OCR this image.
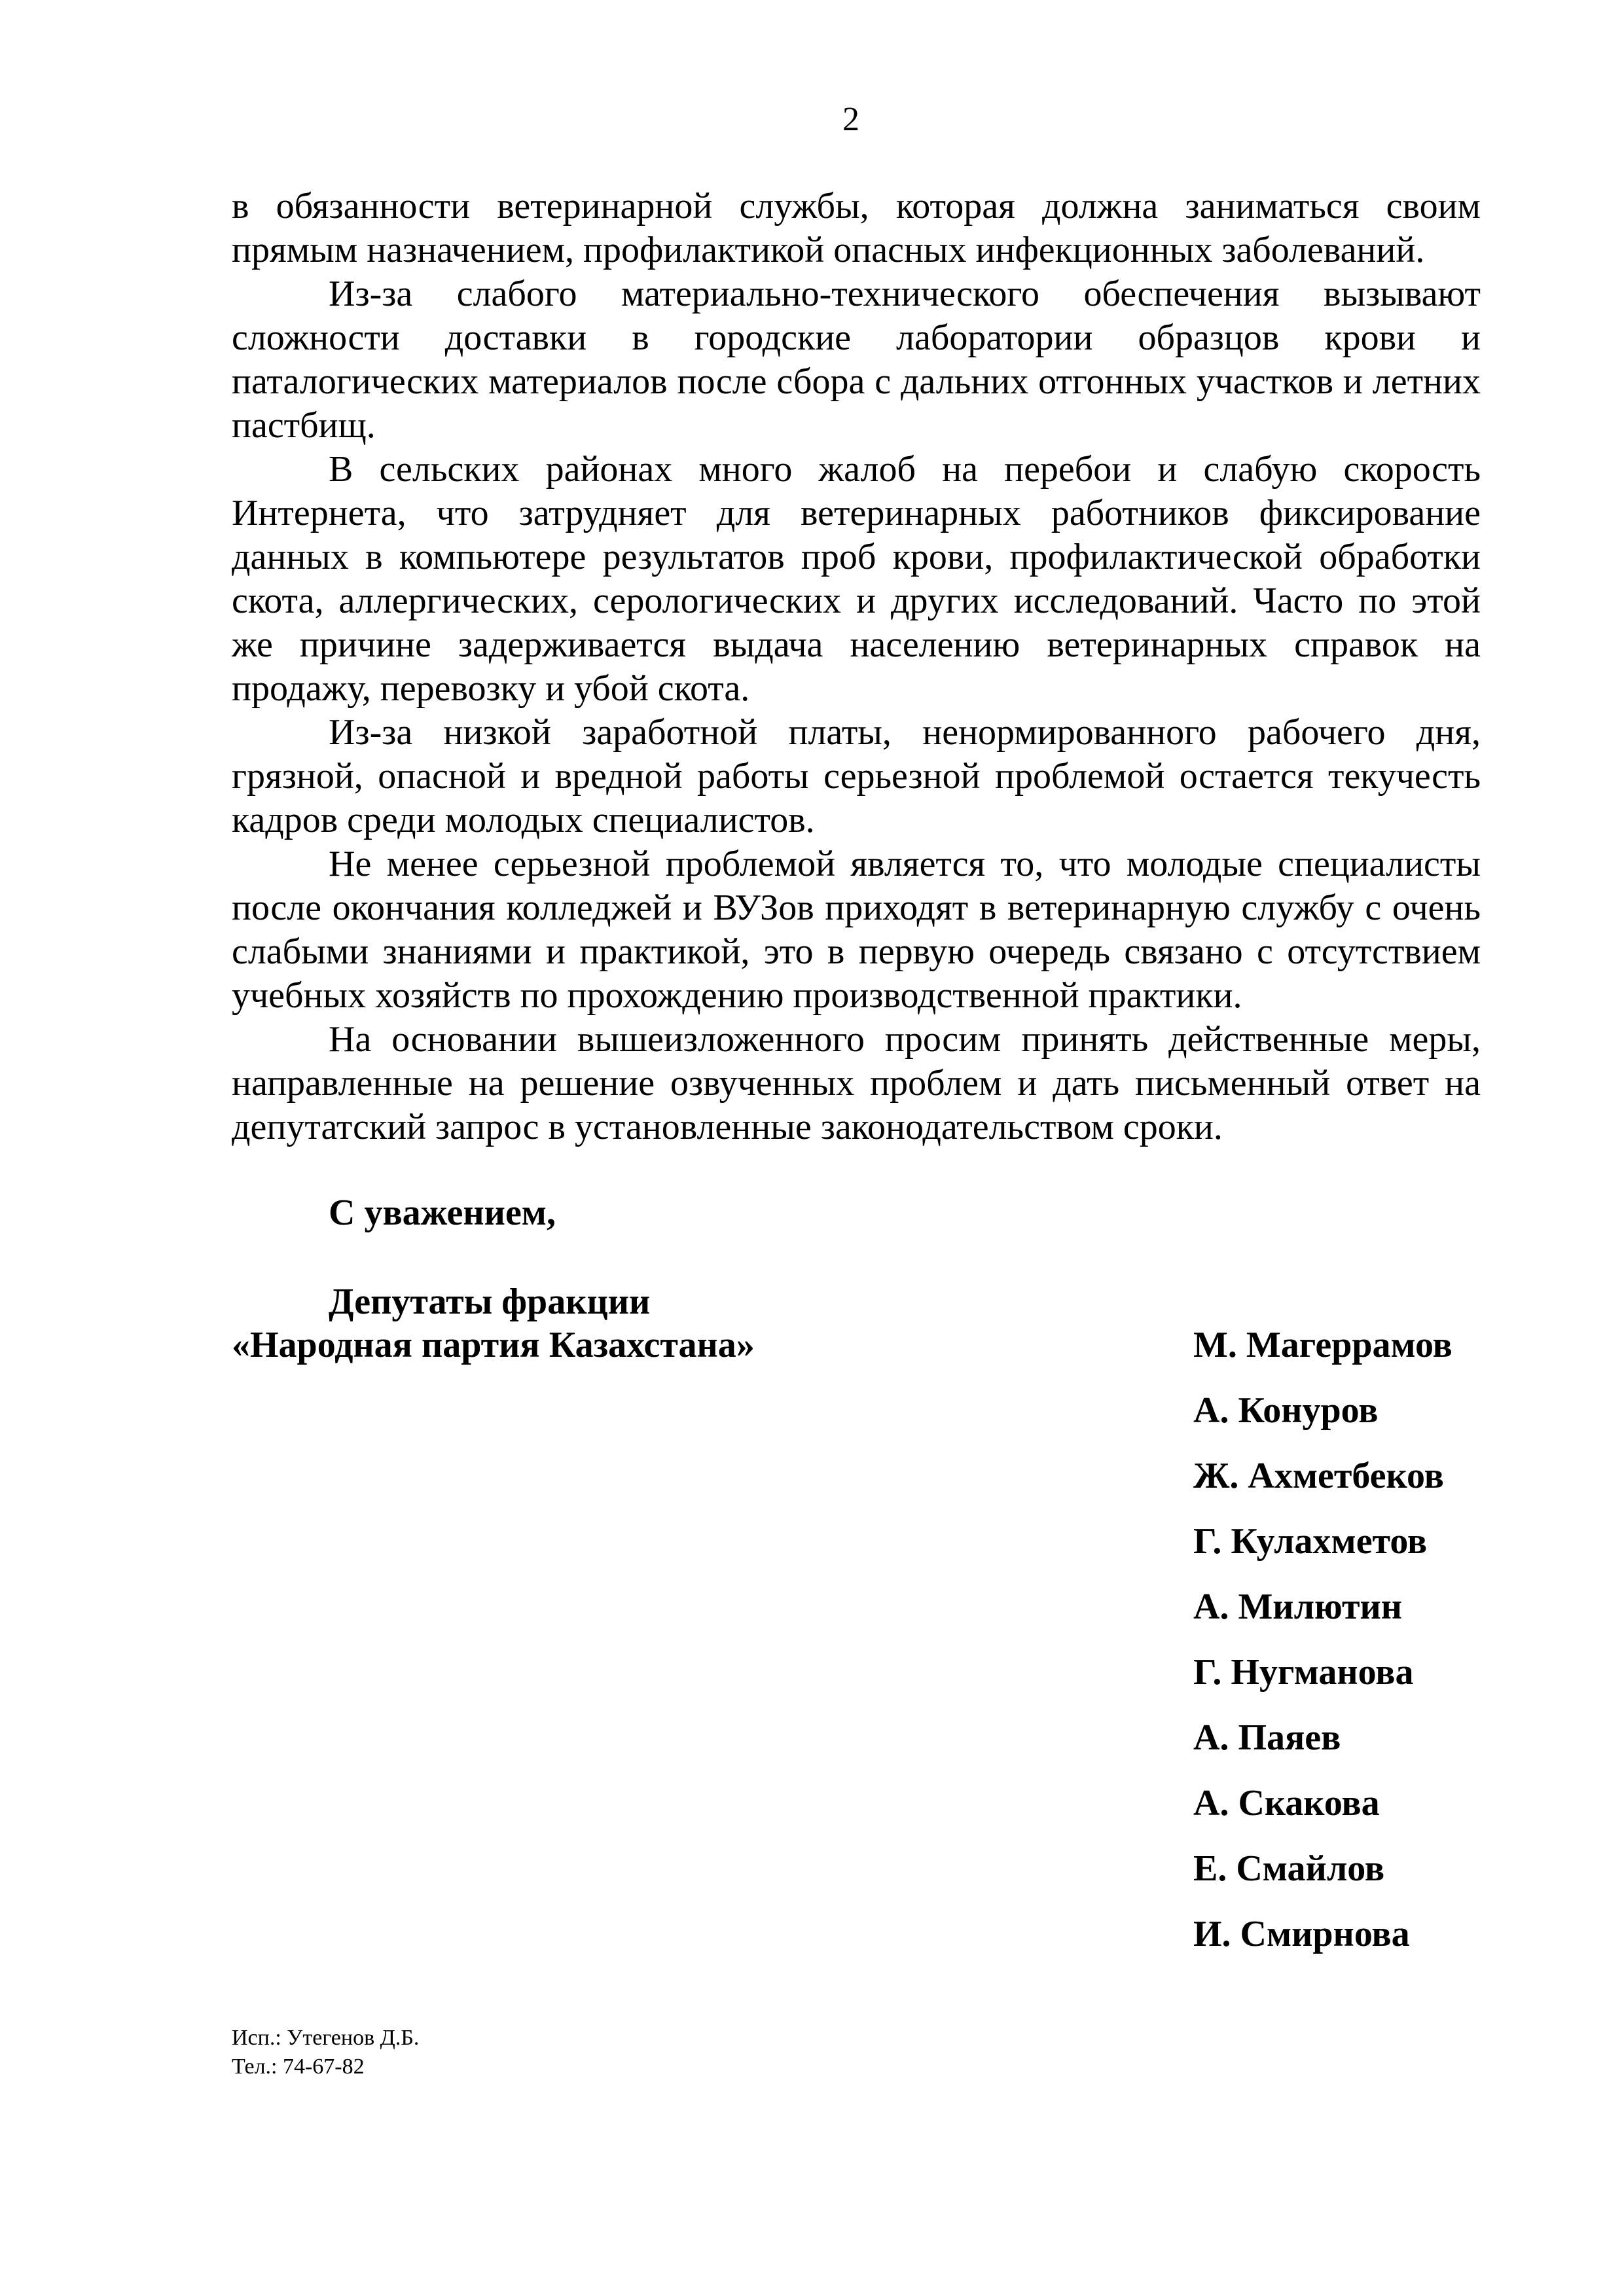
2

в обязанности ветеринарной службы, которая должна заниматься своим прямым назначением, профилактикой опасных инфекционных заболеваний.

Из-за слабого материально-технического обеспечения вызывают сложности доставки в городские лаборатории образцов крови и паталогических материалов после сбора с дальних отгонных участков и летних пастбищ.

В сельских районах много жалоб на перебои и слабую скорость Интернета, что затрудняет для ветеринарных работников фиксирование данных в компьютере результатов проб крови, профилактической обработки скота, аллергических, серологических и других исследований. Часто по этой же причине задерживается выдача населению ветеринарных справок на продажу, перевозку и убой скота.

Из-за низкой заработной платы, ненормированного рабочего дня, грязной, опасной и вредной работы серьезной проблемой остается текучесть кадров среди молодых специалистов.

Не менее серьезной проблемой является то, что молодые специалисты после окончания колледжей и ВУЗов приходят в ветеринарную службу с очень слабыми знаниями и практикой, это в первую очередь связано с отсутствием учебных хозяйств по прохождению производственной практики.

На основании вышеизложенного просим принять действенные меры, направленные на решение озвученных проблем и дать письменный ответ на депутатский запрос в установленные законодательством сроки.

С уважением,
Депутаты фракции
«Народная партия Казахстана»	М. Магеррамов
А. Конуров
Ж. Ахметбеков
Г. Кулахметов
А. Милютин
Г. Нугманова
А. Паяев
А. Скакова
Е. Смайлов
И. Смирнова
Исп.: Утегенов Д.Б.
Тел.: 74-67-82
